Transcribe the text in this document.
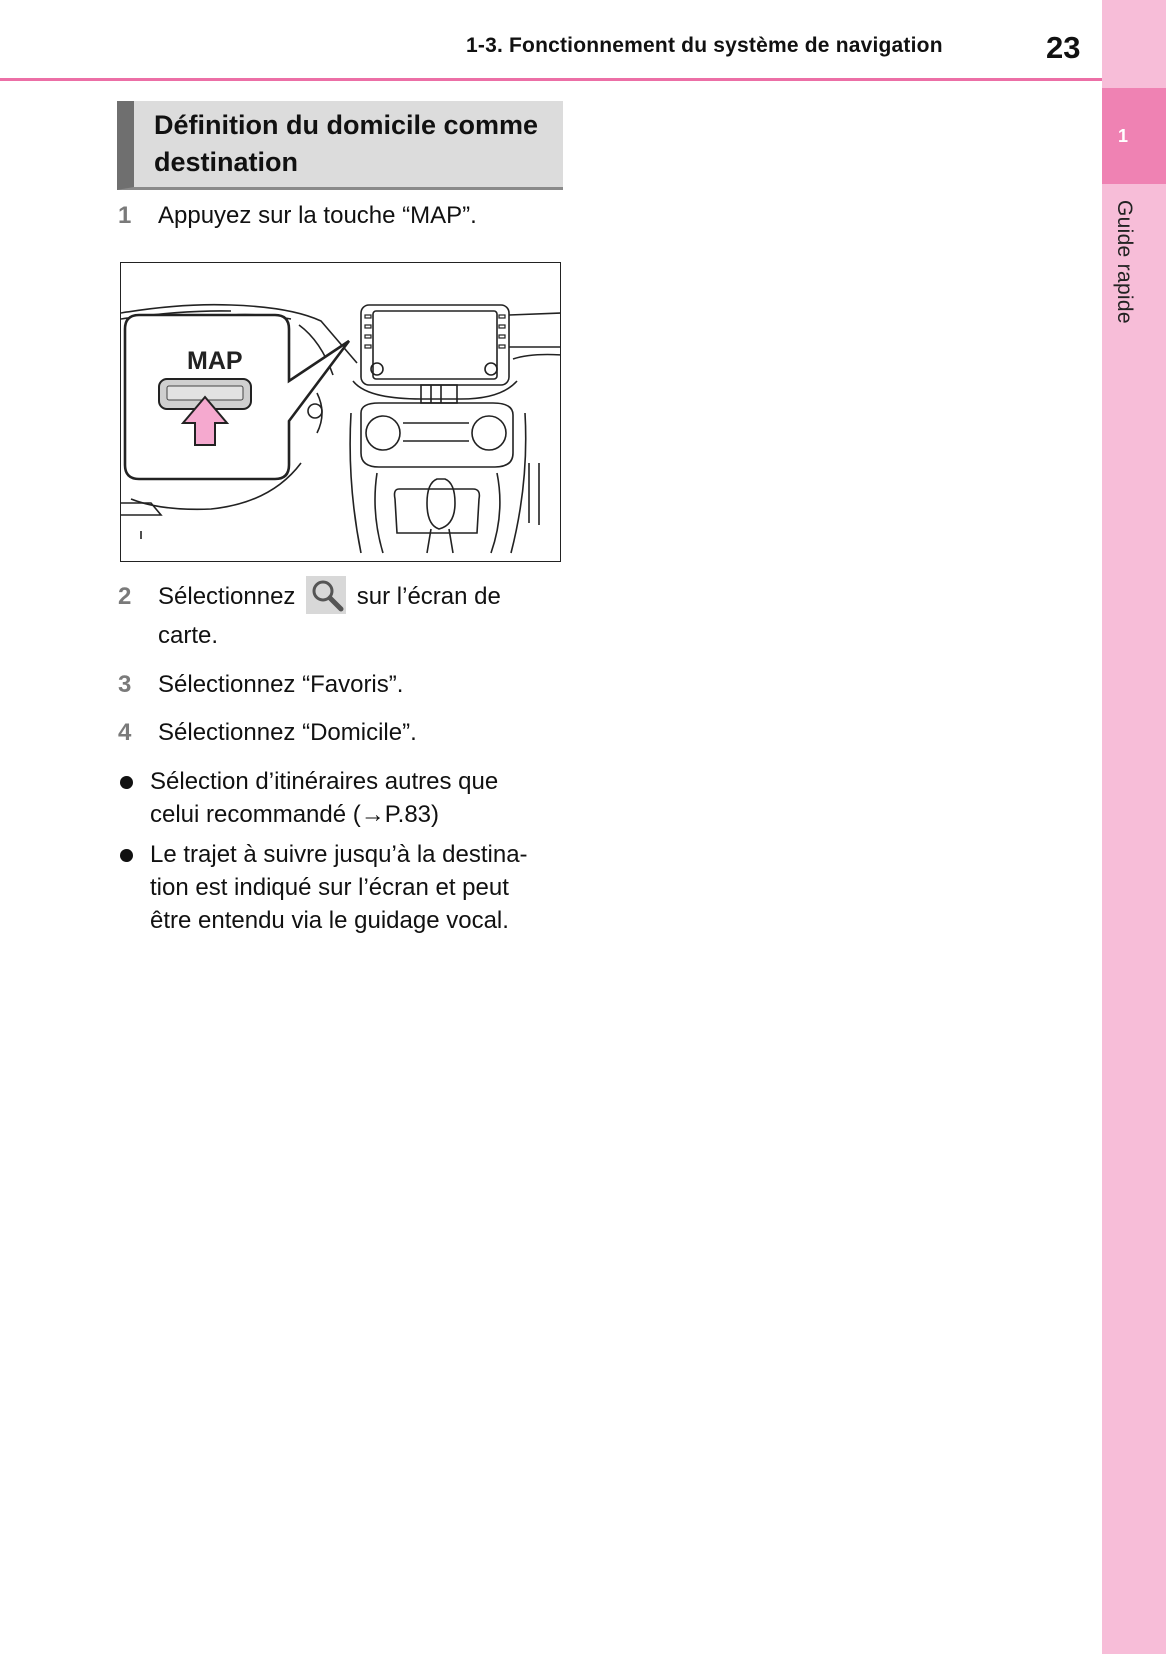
1-3. Fonctionnement du système de navigation	23
1
Guide rapide
Définition du domicile comme destination
1 Appuyez sur la touche “MAP”.
MAP
2 Sélectionnez	sur l’écran de
carte.
3 Sélectionnez “Favoris”.
4 Sélectionnez “Domicile”.
Sélection d’itinéraires autres que
celui recommandé (→P.83)
Le trajet à suivre jusqu’à la destina-
tion est indiqué sur l’écran et peut
être entendu via le guidage vocal.
